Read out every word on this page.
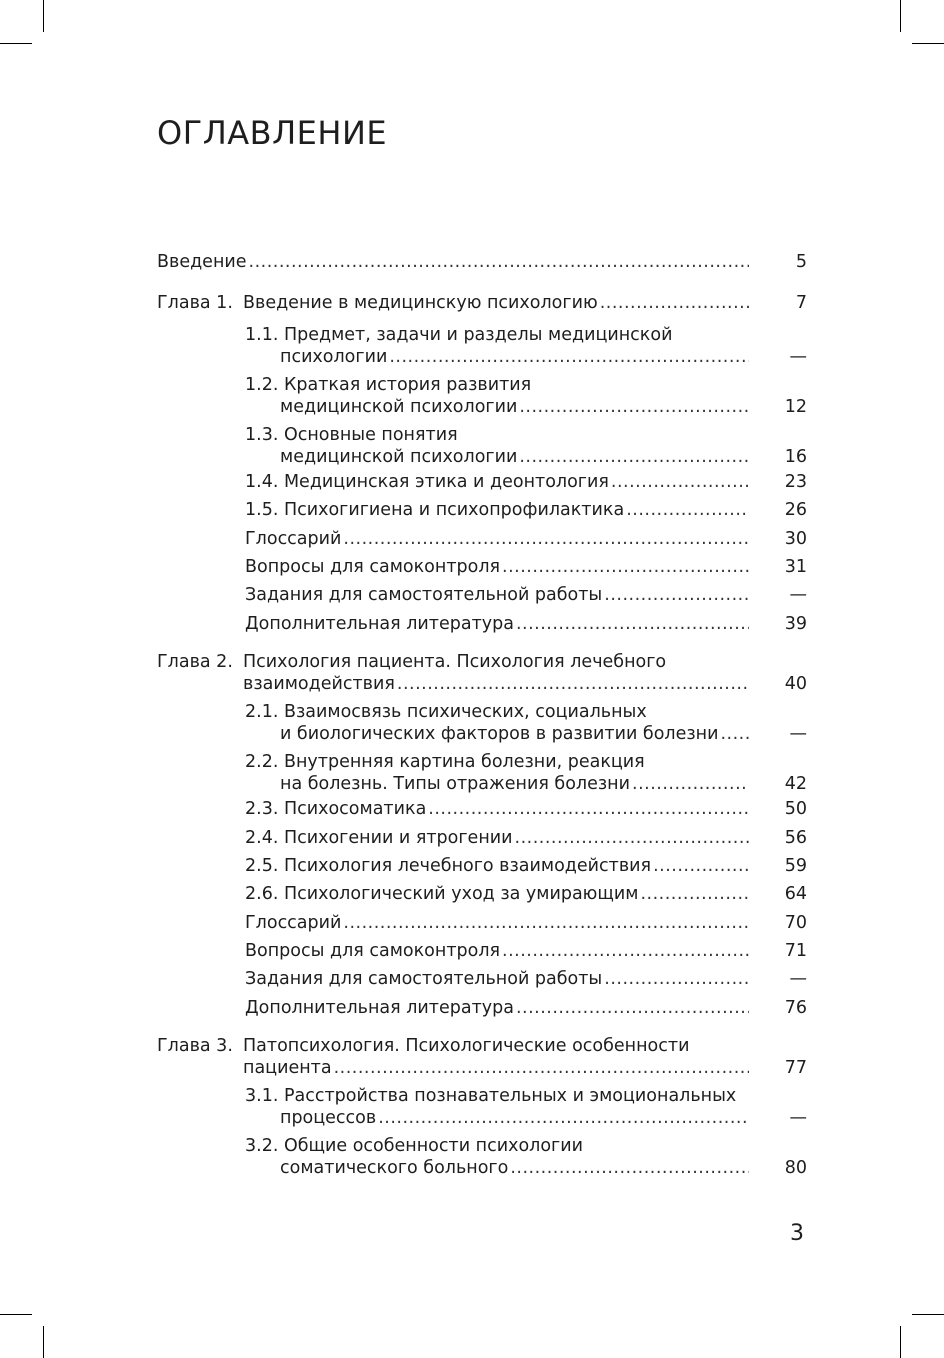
ОГЛАВЛЕНИЕ
Введение .....	5
Глава 1. Введение в медицинскую психологию .....	7
1.1. Предмет, задачи и разделы медицинской
психологии .....	—
1.2. Краткая история развития
медицинской психологии .....	12
1.3. Основные понятия
медицинской психологии .....	16
1.4. Медицинская этика и деонтология .....	23
1.5. Психогигиена и психопрофилактика .....	26
Глоссарий .....	30
Вопросы для самоконтроля .....	31
Задания для самостоятельной работы .....	—
Дополнительная литература .....	39
Глава 2. Психология пациента. Психология лечебного
взаимодействия .....	40
2.1. Взаимосвязь психических, социальных
и биологических факторов в развитии болезни .....	—
2.2. Внутренняя картина болезни, реакция
на болезнь. Типы отражения болезни .....	42
2.3. Психосоматика .....	50
2.4. Психогении и ятрогении .....	56
2.5. Психология лечебного взаимодействия .....	59
2.6. Психологический уход за умирающим .....	64
Глоссарий .....	70
Вопросы для самоконтроля .....	71
Задания для самостоятельной работы .....	—
Дополнительная литература .....	76
Глава 3. Патопсихология. Психологические особенности
пациента .....	77
3.1. Расстройства познавательных и эмоциональных
процессов .....	—
3.2. Общие особенности психологии
соматического больного .....	80
3
